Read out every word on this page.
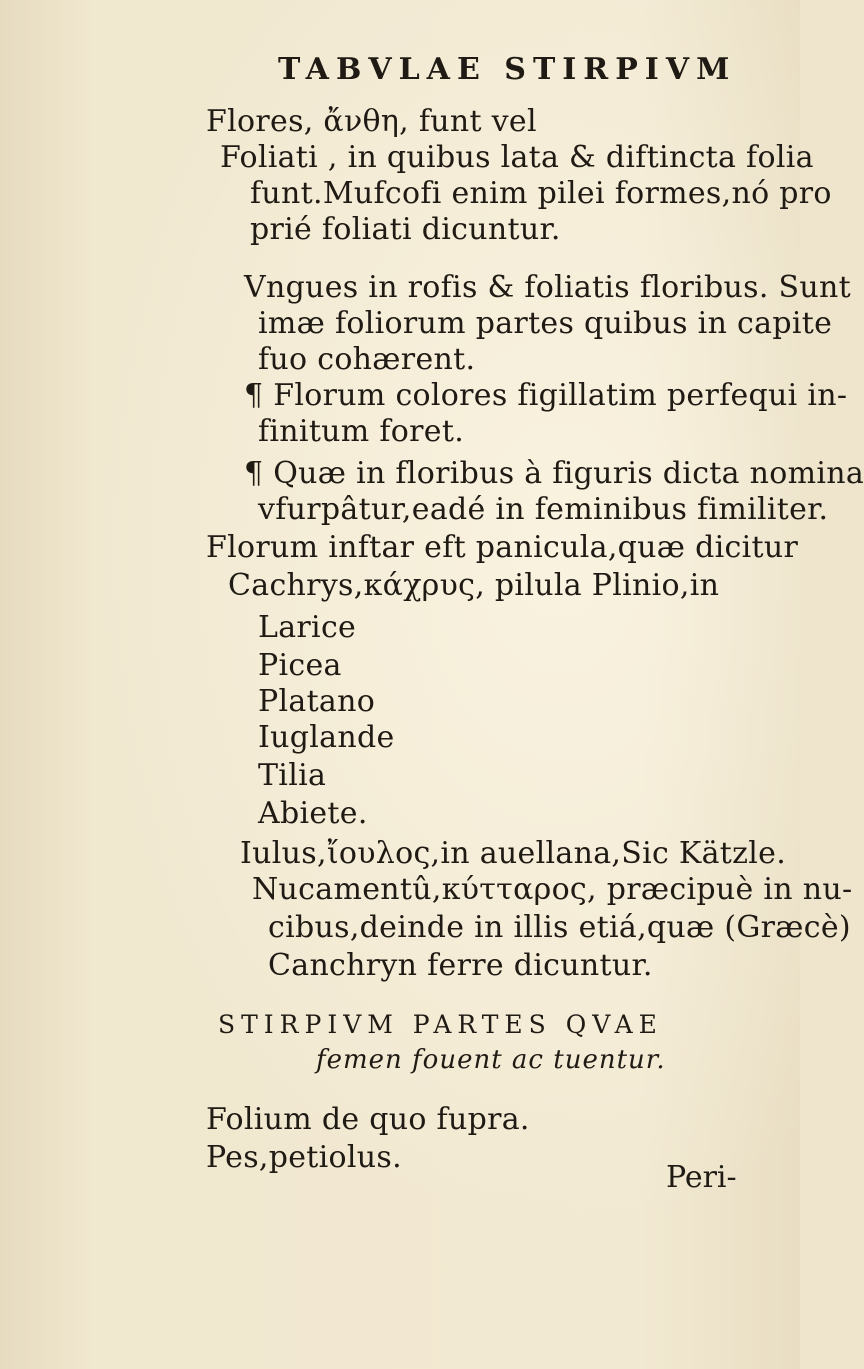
TABVLAE STIRPIVM
Flores, ἄνθη, funt vel
Foliati , in quibus lata & diftincta folia
funt.Mufcofi enim pilei formes,nó pro
prié foliati dicuntur.
Vngues in rofis & foliatis floribus. Sunt
imæ foliorum partes quibus in capite
fuo cohærent.
¶ Florum colores figillatim perfequi in-
finitum foret.
¶ Quæ in floribus à figuris dicta nomina
vfurpâtur,eadé in feminibus fimiliter.
Florum inftar eft panicula,quæ dicitur
Cachrys,κάχρυς, pilula Plinio,in
Larice
Picea
Platano
Iuglande
Tilia
Abiete.
Iulus,ἴουλος,in auellana,Sic Kätzle.
Nucamentû,κύτταρος, præcipuè in nu-
cibus,deinde in illis etiá,quæ (Græcè)
Canchryn ferre dicuntur.
STIRPIVM PARTES QVAE
femen fouent ac tuentur.
Folium de quo fupra.
Pes,petiolus.
Peri-
